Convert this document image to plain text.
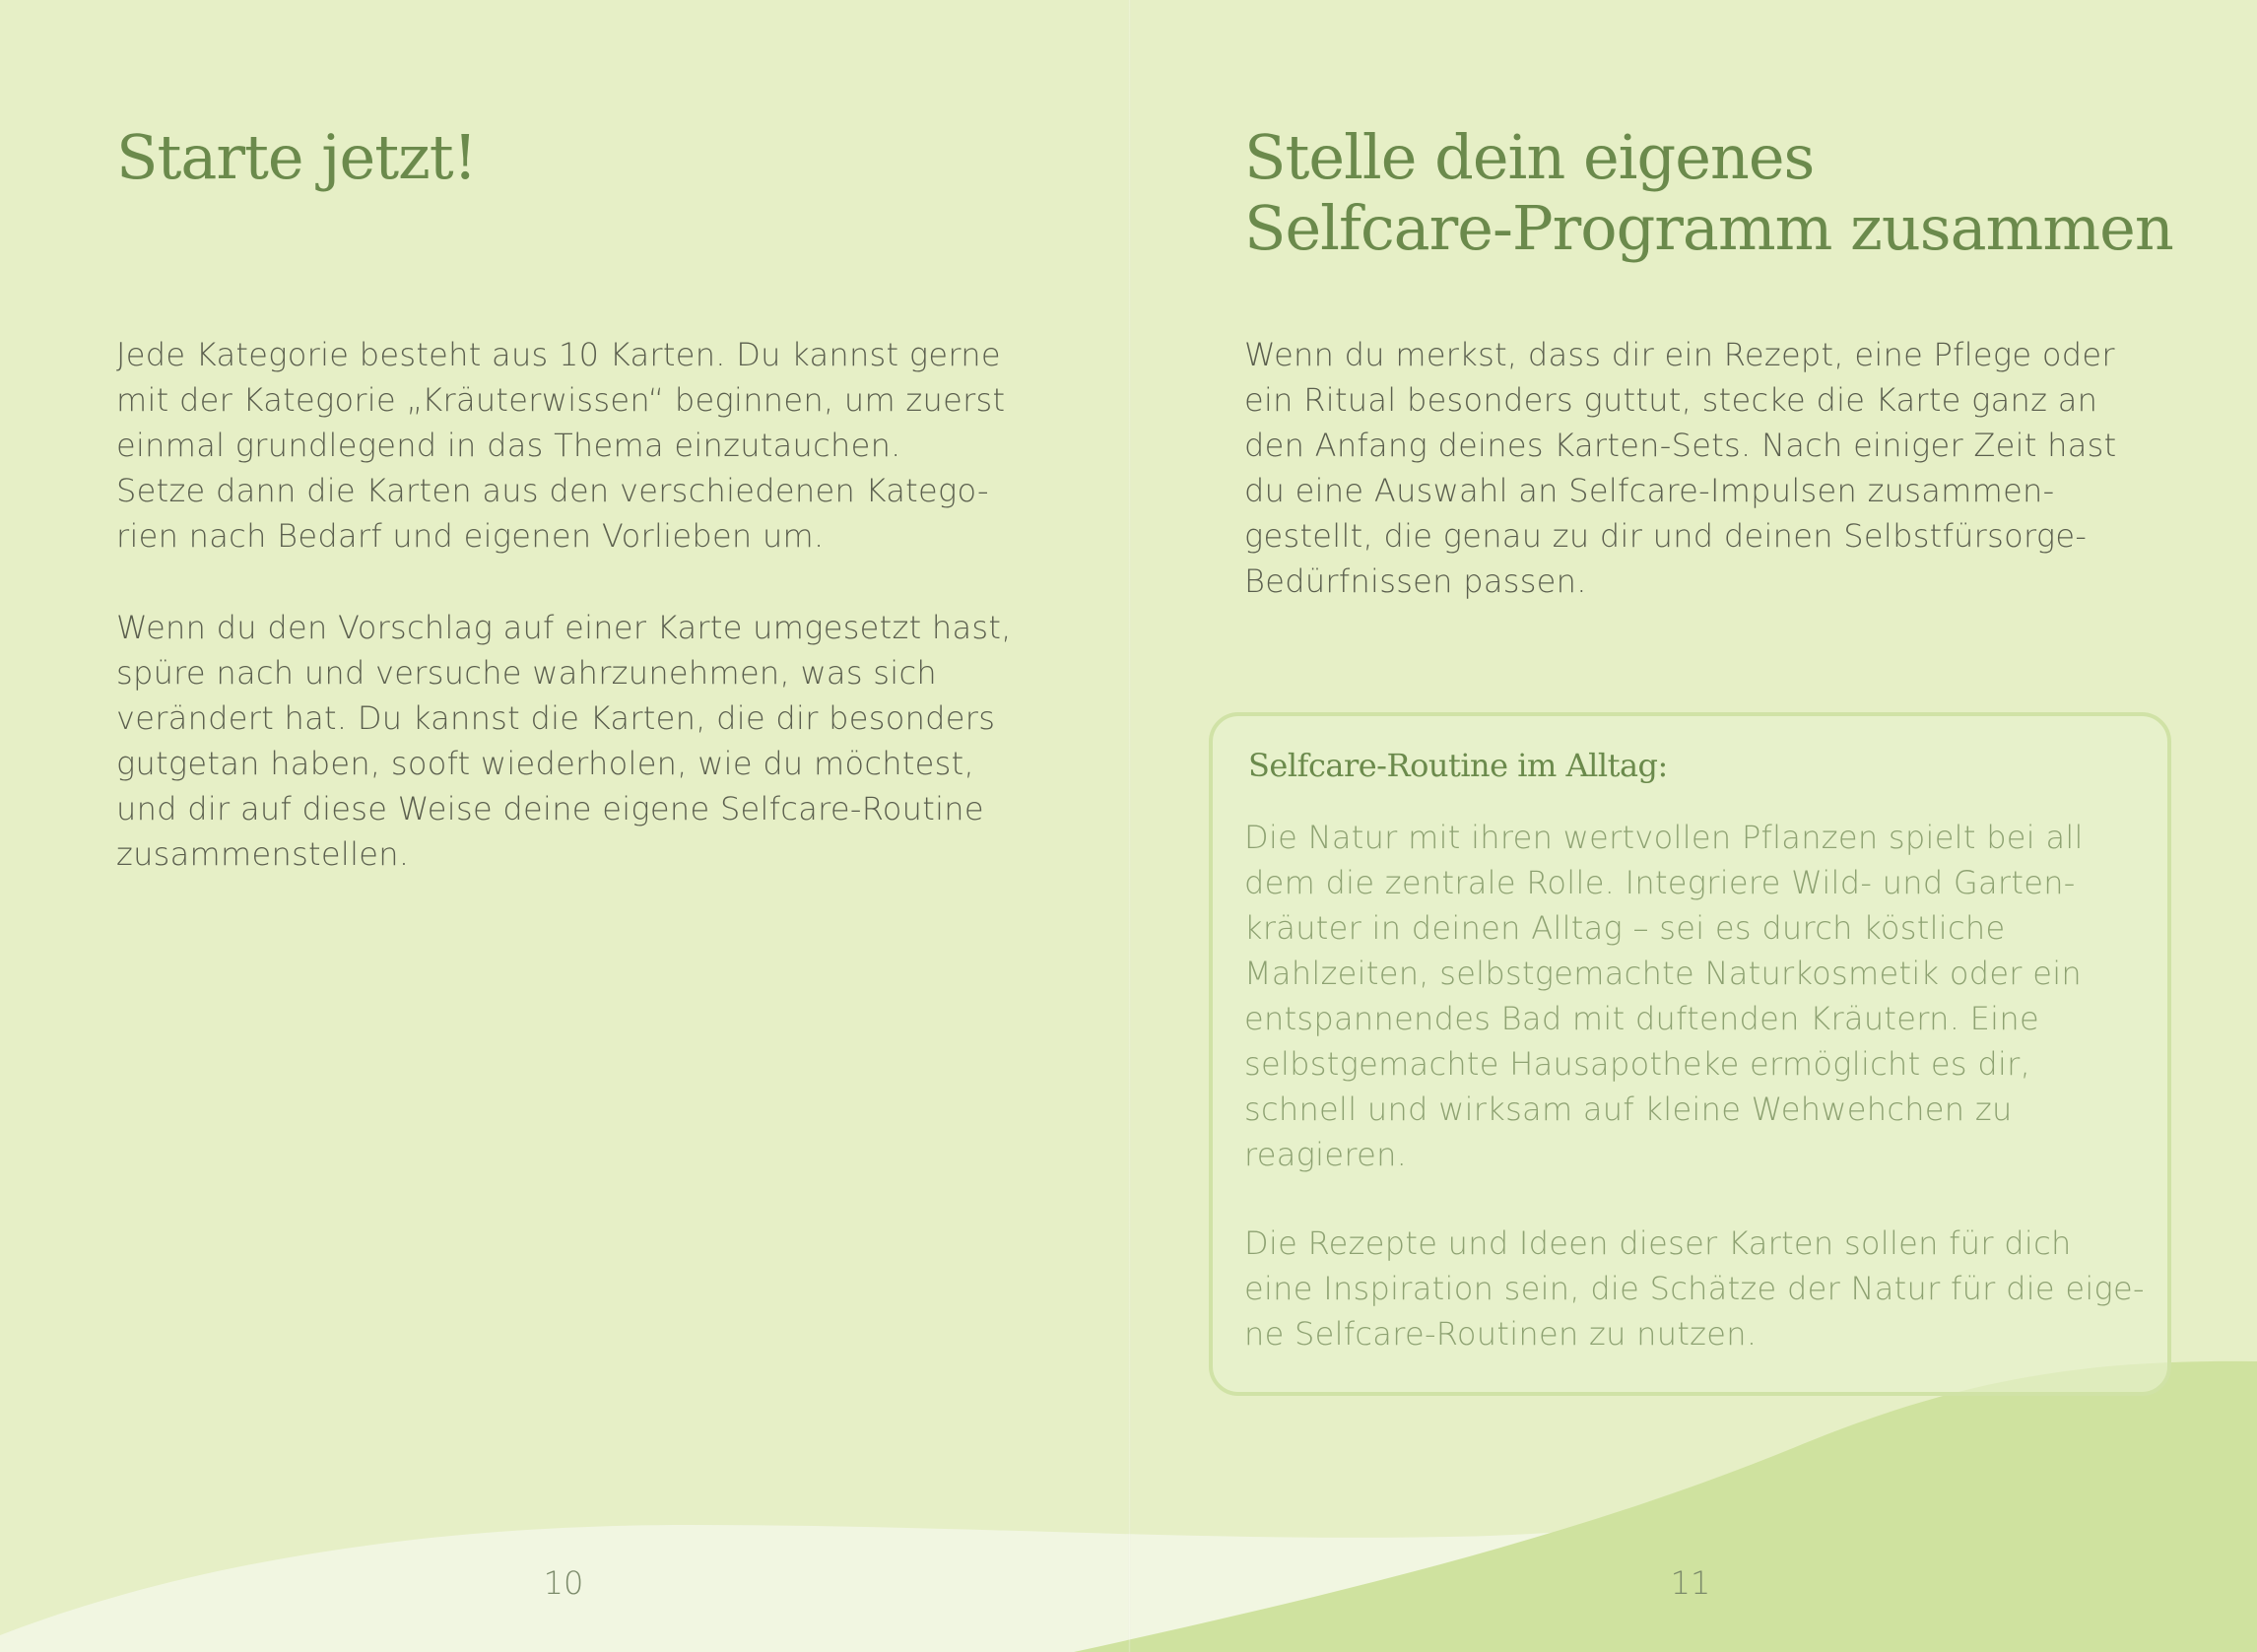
Starte jetzt!

Jede Kategorie besteht aus 10 Karten. Du kannst gerne
mit der Kategorie „Kräuterwissen“ beginnen, um zuerst
einmal grundlegend in das Thema einzutauchen.
Setze dann die Karten aus den verschiedenen Katego-
rien nach Bedarf und eigenen Vorlieben um.

Wenn du den Vorschlag auf einer Karte umgesetzt hast,
spüre nach und versuche wahrzunehmen, was sich
verändert hat. Du kannst die Karten, die dir besonders
gutgetan haben, sooft wiederholen, wie du möchtest,
und dir auf diese Weise deine eigene Selfcare-Routine
zusammenstellen.

10
Stelle dein eigenes
Selfcare-Programm zusammen

Wenn du merkst, dass dir ein Rezept, eine Pflege oder
ein Ritual besonders guttut, stecke die Karte ganz an
den Anfang deines Karten-Sets. Nach einiger Zeit hast
du eine Auswahl an Selfcare-Impulsen zusammen-
gestellt, die genau zu dir und deinen Selbstfürsorge-
Bedürfnissen passen.

Selfcare-Routine im Alltag:

Die Natur mit ihren wertvollen Pflanzen spielt bei all
dem die zentrale Rolle. Integriere Wild- und Garten-
kräuter in deinen Alltag – sei es durch köstliche
Mahlzeiten, selbstgemachte Naturkosmetik oder ein
entspannendes Bad mit duftenden Kräutern. Eine
selbstgemachte Hausapotheke ermöglicht es dir,
schnell und wirksam auf kleine Wehwehchen zu
reagieren.

Die Rezepte und Ideen dieser Karten sollen für dich
eine Inspiration sein, die Schätze der Natur für die eige-
ne Selfcare-Routinen zu nutzen.

11
